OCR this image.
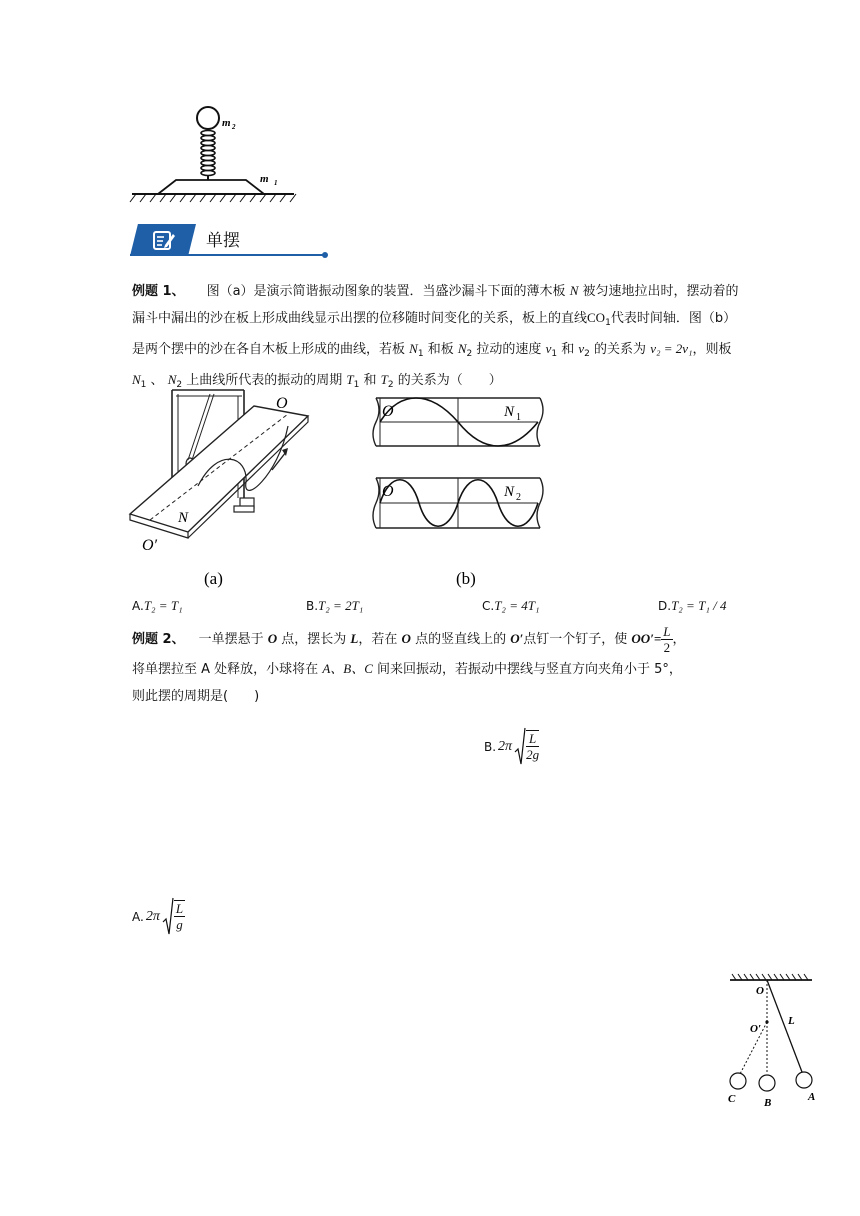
m 2
m 1
单摆
例题 1、 图（a）是演示简谐振动图象的装置．当盛沙漏斗下面的薄木板 N 被匀速地拉出时，摆动着的
漏斗中漏出的沙在板上形成曲线显示出摆的位移随时间变化的关系，板上的直线$CO_1$代表时间轴．图（b）
是两个摆中的沙在各自木板上形成的曲线，若板 $N_1$ 和板 $N_2$ 拉动的速度 $v_1$ 和 $v_2$ 的关系为 v₂ = 2v₁，则板
$N_1$ 、 $N_2$ 上曲线所代表的振动的周期 $T_1$ 和 $T_2$ 的关系为（　　）
O
N
O′
(a)
O	N 1
O	N 2
(b)
A.T₂ = T₁	B.T₂ = 2T₁	C.T₂ = 4T₁	D.T₂ = T₁ / 4
例题 2、 一单摆悬于 O 点，摆长为 L，若在 O 点的竖直线上的 O′点钉一个钉子，使 $OO'= \frac{L}{2}$ ，
将单摆拉至 A 处释放，小球将在 A、B、C 间来回振动，若振动中摆线与竖直方向夹角小于 5°，
则此摆的周期是(　　)
B. $2\pi \frac{L}{2g}$
A. $2\pi \frac{L}{g}$
O
L
O′
A
B
C
